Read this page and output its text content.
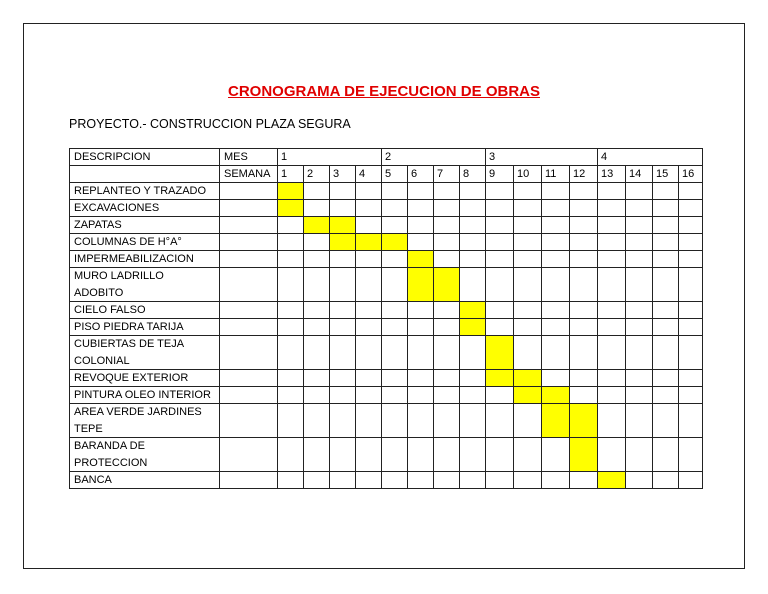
CRONOGRAMA DE EJECUCION DE OBRAS
PROYECTO.- CONSTRUCCION PLAZA SEGURA
DESCRIPCION	MES	1				2				3				4			
	SEMANA	1	2	3	4	5	6	7	8	9	10	11	12	13	14	15	16

REPLANTEO Y TRAZADO																	

EXCAVACIONES																	

ZAPATAS																	

COLUMNAS DE H°A°																	

IMPERMEABILIZACION																	

MURO LADRILLO
ADOBITO																	

CIELO FALSO																	

PISO PIEDRA TARIJA																	

CUBIERTAS DE TEJA
COLONIAL																	

REVOQUE EXTERIOR																	

PINTURA OLEO INTERIOR																	

AREA VERDE JARDINES
TEPE																	

BARANDA DE
PROTECCION																	

BANCA																	
